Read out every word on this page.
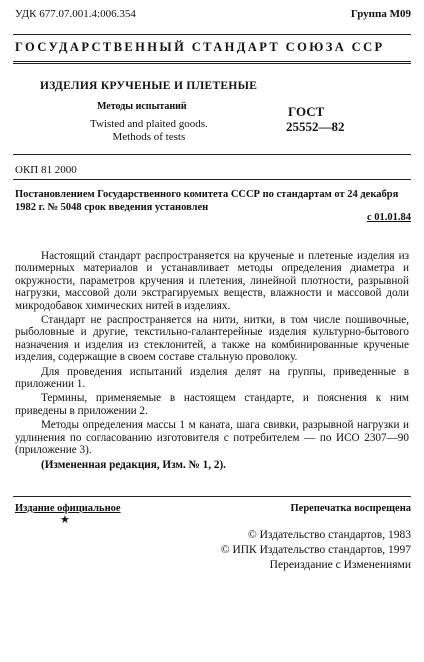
УДК 677.07.001.4:006.354	Группа М09
ГОСУДАРСТВЕННЫЙ СТАНДАРТ СОЮЗА ССР
ИЗДЕЛИЯ КРУЧЕНЫЕ И ПЛЕТЕНЫЕ
Методы испытаний
Twisted and plaited goods.
Methods of tests
ГОСТ
25552—82
ОКП 81 2000
Постановлением Государственного комитета СССР по стандартам от 24 декабря 1982 г. № 5048 срок введения установлен
с 01.01.84

Настоящий стандарт распространяется на крученые и плетеные изделия из полимерных материалов и устанавливает методы определения диаметра и окружности, параметров кручения и плетения, линейной плотности, разрывной нагрузки, массовой доли экстрагируемых веществ, влажности и массовой доли микродобавок химических нитей в изделиях.

Стандарт не распространяется на нити, нитки, в том числе пошивочные, рыболовные и другие, текстильно-галантерейные изделия культурно-бытового назначения и изделия из стеклонитей, а также на комбинированные крученые изделия, содержащие в своем составе стальную проволоку.

Для проведения испытаний изделия делят на группы, приведенные в приложении 1.

Термины, применяемые в настоящем стандарте, и пояснения к ним приведены в приложении 2.

Методы определения массы 1 м каната, шага свивки, разрывной нагрузки и удлинения по согласованию изготовителя с потребителем — по ИСО 2307—90 (приложение 3).

(Измененная редакция, Изм. № 1, 2).

Издание официальное	Перепечатка воспрещена
★
© Издательство стандартов, 1983
© ИПК Издательство стандартов, 1997
Переиздание с Изменениями
